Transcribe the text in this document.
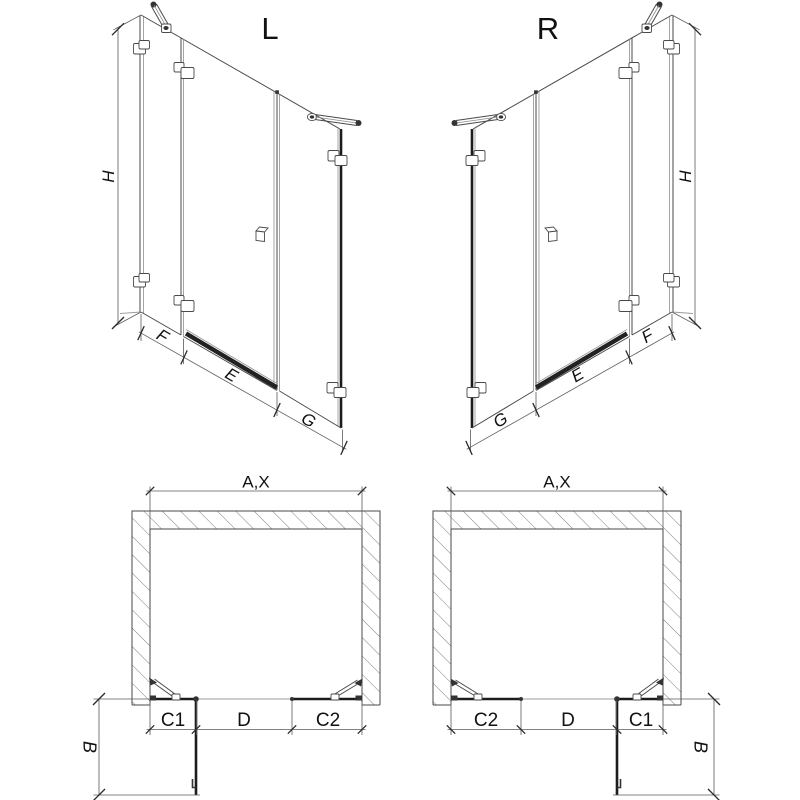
L	R
H	H
F
E
G
F
E
G
A,X	A,X
C1	D	C2	C2	D	C1
B	B
